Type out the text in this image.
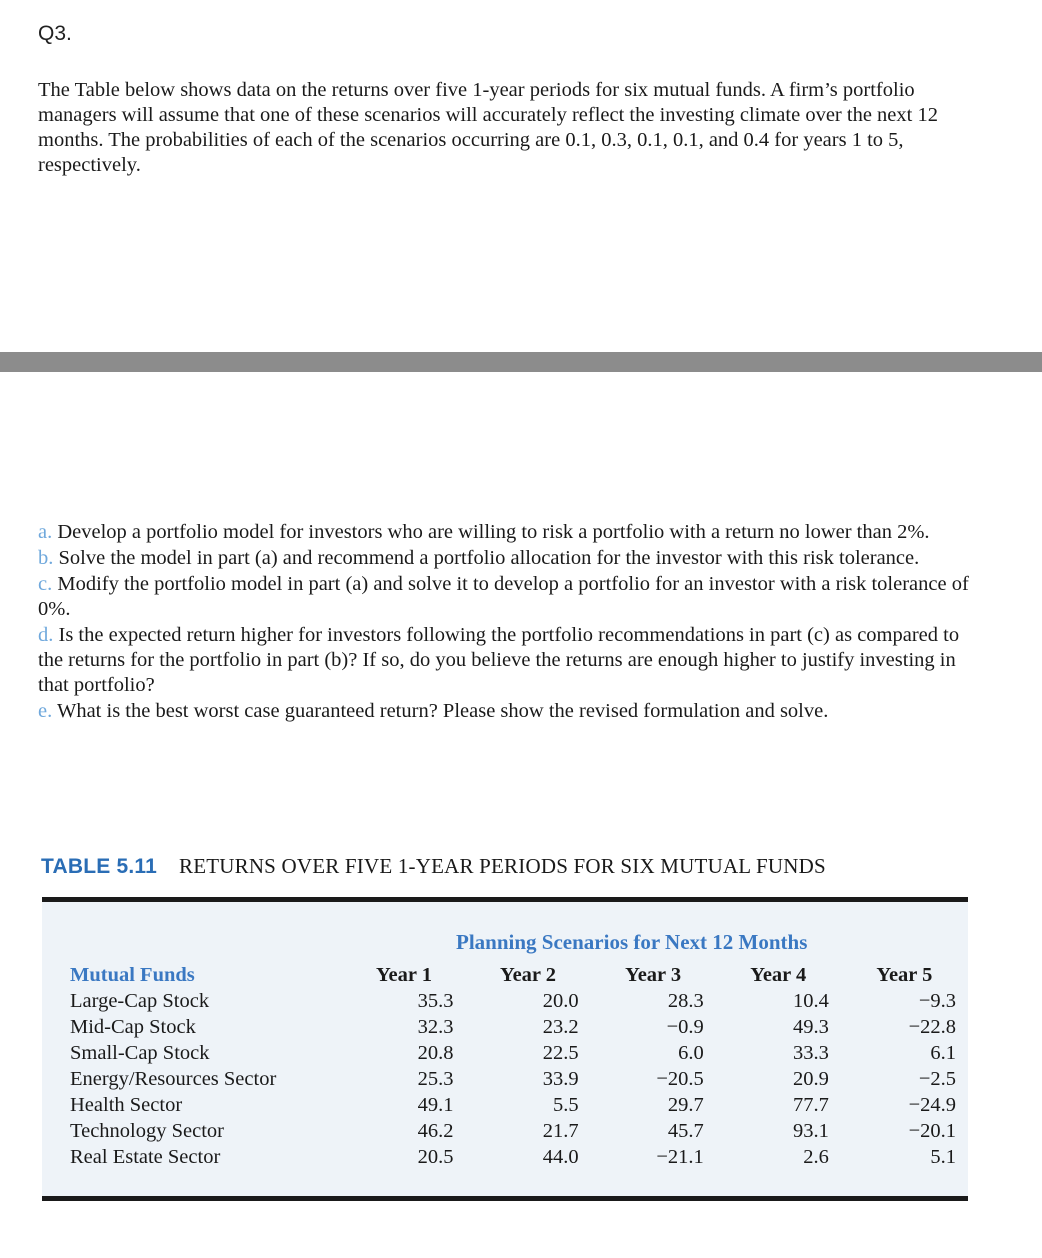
Q3.

The Table below shows data on the returns over five 1-year periods for six mutual funds. A firm’s portfolio managers will assume that one of these scenarios will accurately reflect the investing climate over the next 12 months. The probabilities of each of the scenarios occurring are 0.1, 0.3, 0.1, 0.1, and 0.4 for years 1 to 5, respectively.

a. Develop a portfolio model for investors who are willing to risk a portfolio with a return no lower than 2%.
b. Solve the model in part (a) and recommend a portfolio allocation for the investor with this risk tolerance.
c. Modify the portfolio model in part (a) and solve it to develop a portfolio for an investor with a risk tolerance of 0%.
d. Is the expected return higher for investors following the portfolio recommendations in part (c) as compared to the returns for the portfolio in part (b)? If so, do you believe the returns are enough higher to justify investing in that portfolio?
e. What is the best worst case guaranteed return? Please show the revised formulation and solve.
TABLE 5.11 RETURNS OVER FIVE 1-YEAR PERIODS FOR SIX MUTUAL FUNDS
Planning Scenarios for Next 12 Months
Mutual Funds	Year 1	Year 2	Year 3	Year 4	Year 5
Large-Cap Stock	35.3	20.0	28.3	10.4	−9.3
Mid-Cap Stock	32.3	23.2	−0.9	49.3	−22.8
Small-Cap Stock	20.8	22.5	6.0	33.3	6.1
Energy/Resources Sector	25.3	33.9	−20.5	20.9	−2.5
Health Sector	49.1	5.5	29.7	77.7	−24.9
Technology Sector	46.2	21.7	45.7	93.1	−20.1
Real Estate Sector	20.5	44.0	−21.1	2.6	5.1
